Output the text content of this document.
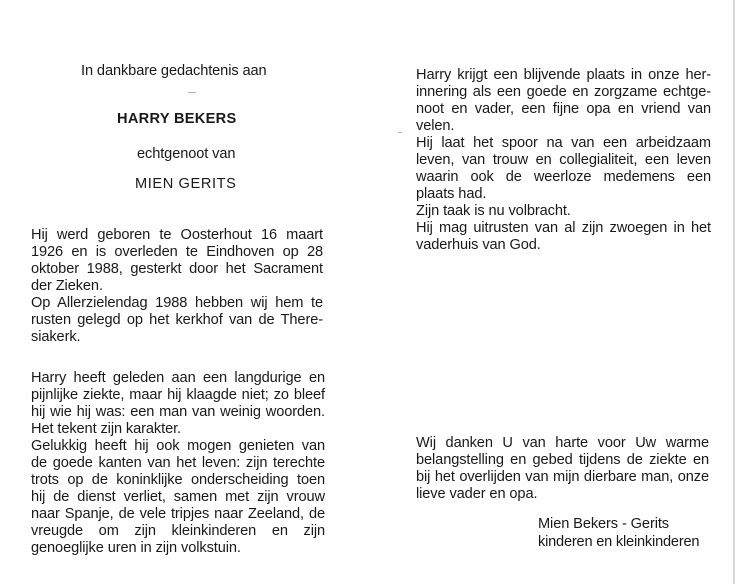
In dankbare gedachtenis aan
HARRY BEKERS
echtgenoot van
MIEN GERITS
Hij werd geboren te Oosterhout 16 maart
1926 en is overleden te Eindhoven op 28
oktober 1988, gesterkt door het Sacrament
der Zieken.
Op Allerzielendag 1988 hebben wij hem te
rusten gelegd op het kerkhof van de There-
siakerk.
Harry heeft geleden aan een langdurige en
pijnlijke ziekte, maar hij klaagde niet; zo bleef
hij wie hij was: een man van weinig woorden.
Het tekent zijn karakter.
Gelukkig heeft hij ook mogen genieten van
de goede kanten van het leven: zijn terechte
trots op de koninklijke onderscheiding toen
hij de dienst verliet, samen met zijn vrouw
naar Spanje, de vele tripjes naar Zeeland, de
vreugde om zijn kleinkinderen en zijn
genoeglijke uren in zijn volkstuin.
Harry krijgt een blijvende plaats in onze her-
innering als een goede en zorgzame echtge-
noot en vader, een fijne opa en vriend van
velen.
Hij laat het spoor na van een arbeidzaam
leven, van trouw en collegialiteit, een leven
waarin ook de weerloze medemens een
plaats had.
Zijn taak is nu volbracht.
Hij mag uitrusten van al zijn zwoegen in het
vaderhuis van God.
Wij danken U van harte voor Uw warme
belangstelling en gebed tijdens de ziekte en
bij het overlijden van mijn dierbare man, onze
lieve vader en opa.
Mien Bekers - Gerits
kinderen en kleinkinderen
